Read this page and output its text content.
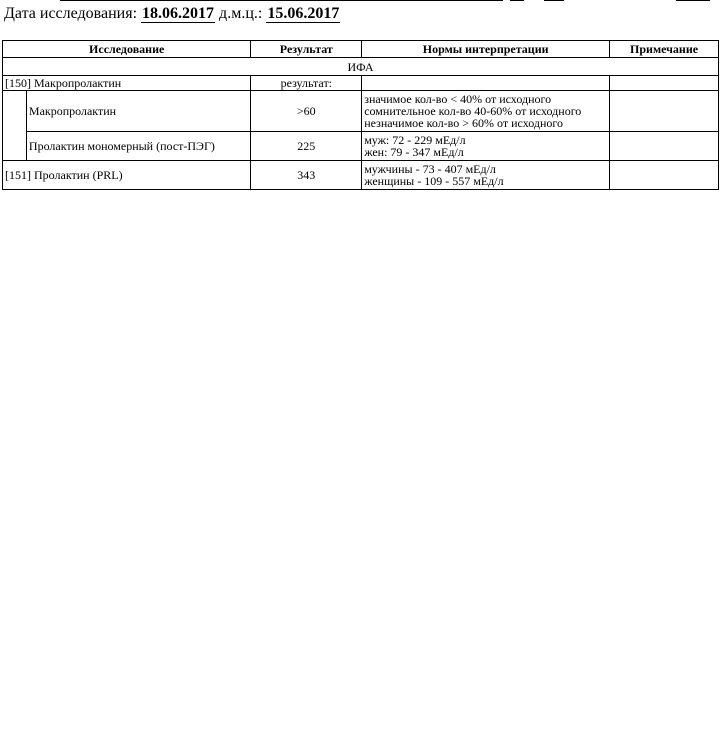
Дата исследования: 18.06.2017 д.м.ц.: 15.06.2017
Исследование		Результат	Нормы интерпретации	Примечание
ИФА				
[150] Макропролактин		результат:		
	Макропролактин	>60	значимое кол-во < 40% от исходного
сомнительное кол-во 40-60% от исходного
незначимое кол-во > 60% от исходного	

	Пролактин мономерный (пост-ПЭГ)	225	муж: 72 - 229 мЕд/л
жен: 79 - 347 мЕд/л	

[151] Пролактин (PRL)		343	мужчины - 73 - 407 мЕд/л
женщины - 109 - 557 мЕд/л	
